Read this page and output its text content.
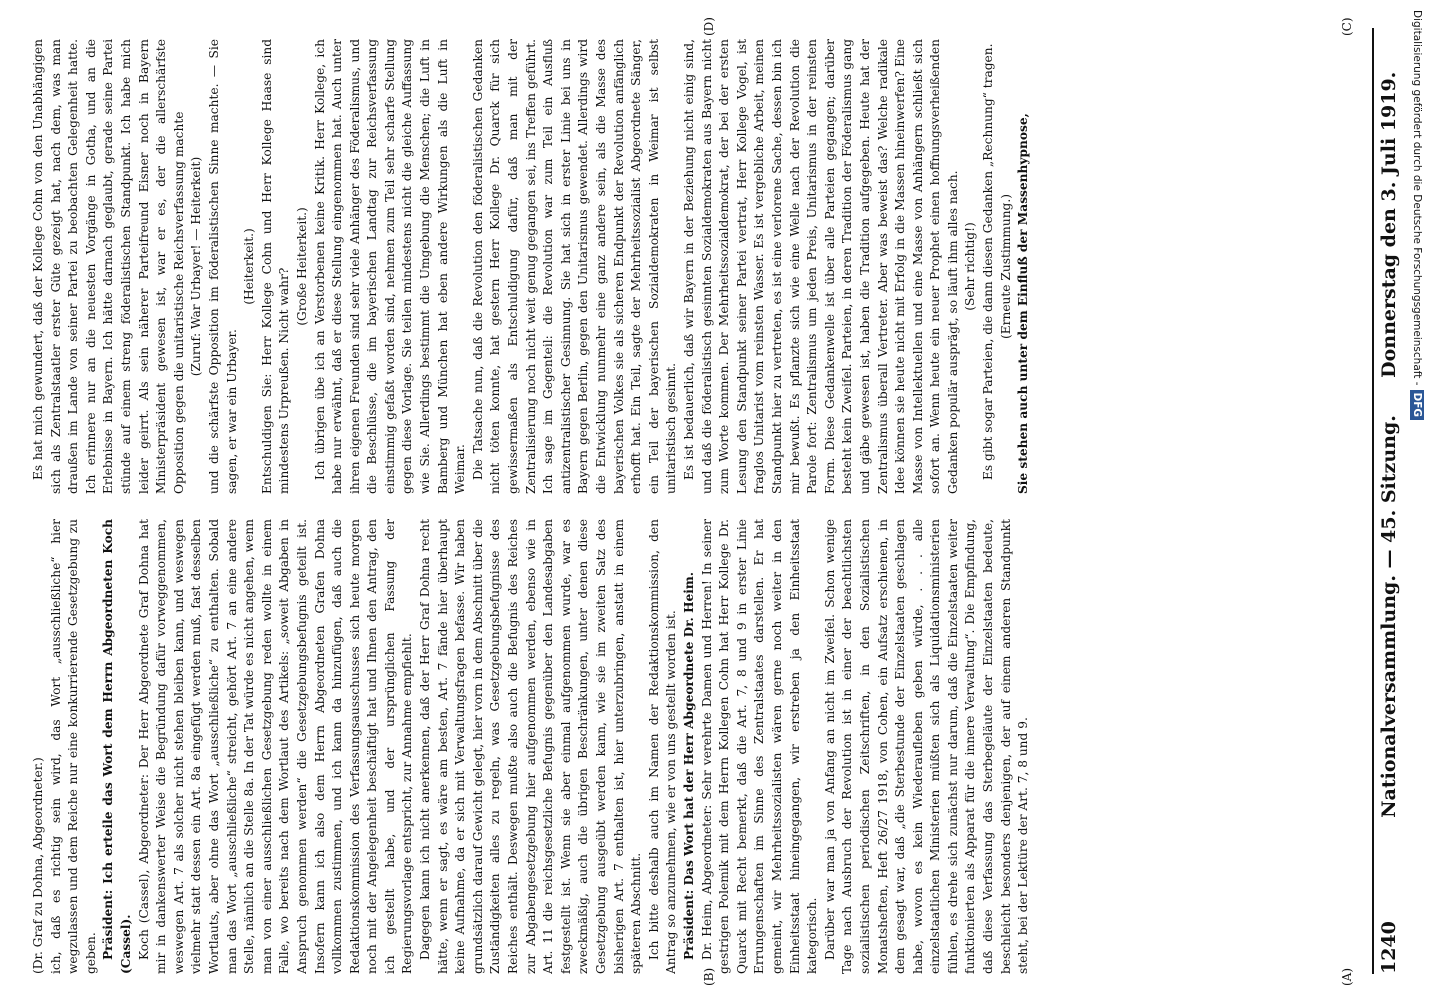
1240  Nationalversammlung. — 45. Sitzung.  Donnerstag den 3. Juli 1919.

(Dr. Graf zu Dohna, Abgeordneter.) ich, daß es richtig sein wird, das Wort „ausschließliche“ hier wegzulassen und dem Reiche nur eine konkurrierende Gesetzgebung zu geben. Präsident: Ich erteile das Wort dem Herrn Abgeordneten Koch (Cassel). Koch (Cassel), Abgeordneter: Der Herr Abgeordnete Graf Dohna hat mir in dankenswerter Weise die Begründung dafür vorweggenommen, weswegen Art. 7 als solcher nicht stehen bleiben kann, und weswegen vielmehr statt dessen ein Art. 8a eingefügt werden muß, fast desselben Wortlauts, aber ohne das Wort „ausschließliche“ zu enthalten. Sobald man das Wort „ausschließliche“ streicht, gehört Art. 7 an eine andere Stelle, nämlich an die Stelle 8a. In der Tat würde es nicht angehen, wenn man von einer ausschließlichen Gesetzgebung reden wollte in einem Falle, wo bereits nach dem Wortlaut des Artikels: „soweit Abgaben in Anspruch genommen werden“ die Gesetzgebungsbefugnis geteilt ist. Insofern kann ich also dem Herrn Abgeordneten Grafen Dohna vollkommen zustimmen, und ich kann da hinzufügen, daß auch die Redaktionskommission des Verfassungsausschusses sich heute morgen noch mit der Angelegenheit beschäftigt hat und Ihnen den Antrag, den ich gestellt habe, und der ursprünglichen Fassung der Regierungsvorlage entspricht, zur Annahme empfiehlt. Dagegen kann ich nicht anerkennen, daß der Herr Graf Dohna recht hätte, wenn er sagt, es wäre am besten, Art. 7 fände hier überhaupt keine Aufnahme, da er sich mit Verwaltungsfragen befasse. Wir haben grundsätzlich darauf Gewicht gelegt, hier vorn in dem Abschnitt über die Zuständigkeiten alles zu regeln, was Gesetzgebungsbefugnisse des Reiches enthält. Deswegen mußte also auch die Befugnis des Reiches zur Abgabengesetzgebung hier aufgenommen werden, ebenso wie in Art. 11 die reichsgesetzliche Befugnis gegenüber den Landesabgaben festgestellt ist. Wenn sie aber einmal aufgenommen wurde, war es zweckmäßig, auch die übrigen Beschränkungen, unter denen diese Gesetzgebung ausgeübt werden kann, wie sie im zweiten Satz des bisherigen Art. 7 enthalten ist, hier unterzubringen, anstatt in einem späteren Abschnitt. Ich bitte deshalb auch im Namen der Redaktionskommission, den Antrag so anzunehmen, wie er von uns gestellt worden ist. Präsident: Das Wort hat der Herr Abgeordnete Dr. Heim. Dr. Heim, Abgeordneter: Sehr verehrte Damen und Herren! In seiner gestrigen Polemik mit dem Herrn Kollegen Cohn hat Herr Kollege Dr. Quarck mit Recht bemerkt, daß die Art. 7, 8 und 9 in erster Linie Errungenschaften im Sinne des Zentralstaates darstellen. Er hat gemeint, wir Mehrheitssozialisten wären gerne noch weiter in den Einheitsstaat hineingegangen, wir erstreben ja den Einheitsstaat kategorisch. Darüber war man ja von Anfang an nicht im Zweifel. Schon wenige Tage nach Ausbruch der Revolution ist in einer der beachtlichsten sozialistischen periodischen Zeitschriften, in den Sozialistischen Monatsheften, Heft 26/27 1918, von Cohen, ein Aufsatz erschienen, in dem gesagt war, daß „die Sterbestunde der Einzelstaaten geschlagen habe, wovon es kein Wiederaufleben geben würde, . . . alle einzelstaatlichen Ministerien müßten sich als Liquidationsministerien fühlen, es drehe sich zunächst nur darum, daß die Einzelstaaten weiter funktionierten als Apparat für die innere Verwaltung“. Die Empfindung, daß diese Verfassung das Sterbegeläute der Einzelstaaten bedeute, beschleicht besonders denjenigen, der auf einem anderen Standpunkt steht, bei der Lektüre der Art. 7, 8 und 9.

Es hat mich gewundert, daß der Kollege Cohn von den Unabhängigen sich als Zentralstaatler erster Güte gezeigt hat, nach dem, was man draußen im Lande von seiner Partei zu beobachten Gelegenheit hatte. Ich erinnere nur an die neuesten Vorgänge in Gotha, und an die Erlebnisse in Bayern. Ich hätte darnach geglaubt, gerade seine Partei stünde auf einem streng föderalistischen Standpunkt. Ich habe mich leider geirrt. Als sein näherer Parteifreund Eisner noch in Bayern Ministerpräsident gewesen ist, war er es, der die allerschärfste Opposition gegen die unitaristische Reichsverfassung machte (Zuruf: War Urbayer! — Heiterkeit) und die schärfste Opposition im föderalistischen Sinne machte. — Sie sagen, er war ein Urbayer.

(Heiterkeit.) Entschuldigen Sie: Herr Kollege Cohn und Herr Kollege Haase sind mindestens Urpreußen. Nicht wahr?

(Große Heiterkeit.) Ich übrigen übe ich an Verstorbenen keine Kritik. Herr Kollege, ich habe nur erwähnt, daß er diese Stellung eingenommen hat. Auch unter ihren eigenen Freunden sind sehr viele Anhänger des Föderalismus, und die Beschlüsse, die im bayerischen Landtag zur Reichsverfassung einstimmig gefaßt worden sind, nehmen zum Teil sehr scharfe Stellung gegen diese Vorlage. Sie teilen mindestens nicht die gleiche Auffassung wie Sie. Allerdings bestimmt die Umgebung die Menschen; die Luft in Bamberg und München hat eben andere Wirkungen als die Luft in Weimar. Die Tatsache nun, daß die Revolution den föderalistischen Gedanken nicht töten konnte, hat gestern Herr Kollege Dr. Quarck für sich gewissermaßen als Entschuldigung dafür, daß man mit der Zentralisierung noch nicht weit genug gegangen sei, ins Treffen geführt. Ich sage im Gegenteil: die Revolution war zum Teil ein Ausfluß antizentralistischer Gesinnung. Sie hat sich in erster Linie bei uns in Bayern gegen Berlin, gegen den Unitarismus gewendet. Allerdings wird die Entwicklung nunmehr eine ganz andere sein, als die Masse des bayerischen Volkes sie als sicheren Endpunkt der Revolution anfänglich erhofft hat. Ein Teil, sagte der Mehrheitssozialist Abgeordnete Sänger, ein Teil der bayerischen Sozialdemokraten in Weimar ist selbst unitaristisch gesinnt. Es ist bedauerlich, daß wir Bayern in der Beziehung nicht einig sind, und daß die föderalistisch gesinnten Sozialdemokraten aus Bayern nicht zum Worte kommen. Der Mehrheitssozialdemokrat, der bei der ersten Lesung den Standpunkt seiner Partei vertrat, Herr Kollege Vogel, ist fraglos Unitarist vom reinsten Wasser. Es ist vergebliche Arbeit, meinen Standpunkt hier zu vertreten, es ist eine verlorene Sache, dessen bin ich mir bewußt. Es pflanzte sich wie eine Welle nach der Revolution die Parole fort: Zentralismus um jeden Preis, Unitarismus in der reinsten Form. Diese Gedankenwelle ist über alle Parteien gegangen; darüber besteht kein Zweifel. Parteien, in deren Tradition der Föderalismus gang und gäbe gewesen ist, haben die Tradition aufgegeben. Heute hat der Zentralismus überall Vertreter. Aber was beweist das? Welche radikale Idee können sie heute nicht mit Erfolg in die Massen hineinwerfen? Eine Masse von Intellektuellen und eine Masse von Anhängern schließt sich sofort an. Wenn heute ein neuer Prophet einen hoffnungsverheißenden Gedanken populär ausprägt, so läuft ihm alles nach. (Sehr richtig!) Es gibt sogar Parteien, die dann diesen Gedanken „Rechnung“ tragen. (Erneute Zustimmung.) Sie stehen auch unter dem Einfluß der Massenhypnose,

(A)
(B)
(C)
(D)	Digitalisierung gefördert durch die Deutsche Forschungsgemeinschaft -DFG
